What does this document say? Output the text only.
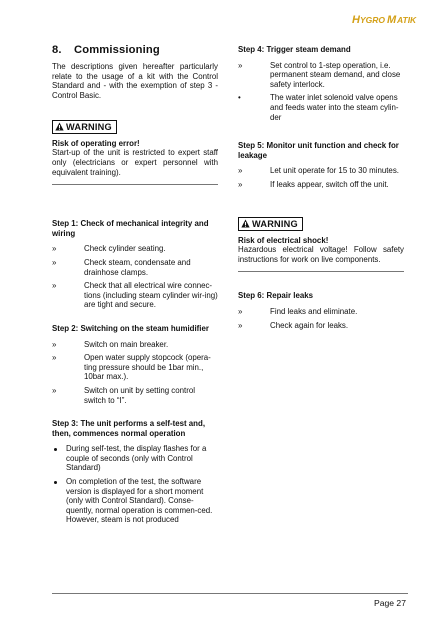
H YGRO M ATIK
8. Commissioning

The descriptions given hereafter particularly relate to the usage of a kit with the Control Standard and - with the exemption of step 3 - Control Basic.

WARNING
Risk of operating error!
Start-up of the unit is restricted to expert staff only (electricians or expert personnel with equivalent training).
Step 1: Check of mechanical integrity and wiring
»	Check cylinder seating.
»	Check steam, condensate and drainhose clamps.
»	Check that all electrical wire connec-tions (including steam cylinder wir-ing) are tight and secure.
Step 2: Switching on the steam humidifier
»	Switch on main breaker.
»	Open water supply stopcock (opera-ting pressure should be 1bar min., 10bar max.).
»	Switch on unit by setting control switch to “I”.
Step 3: The unit performs a self-test and, then, commences normal operation
During self-test, the display flashes for a couple of seconds (only with Control Standard)
On completion of the test, the software version is displayed for a short moment (only with Control Standard). Conse-quently, normal operation is commen-ced. However, steam is not produced
Step 4: Trigger steam demand
»	Set control to 1-step operation, i.e. permanent steam demand, and close safety interlock.
•	The water inlet solenoid valve opens and feeds water into the steam cylin-der
Step 5: Monitor unit function and check for leakage
»	Let unit operate for 15 to 30 minutes.
»	If leaks appear, switch off the unit.
WARNING
Risk of electrical shock!
Hazardous electrical voltage! Follow safety instructions for work on live components.
Step 6: Repair leaks
»	Find leaks and eliminate.
»	Check again for leaks.
Page 27
